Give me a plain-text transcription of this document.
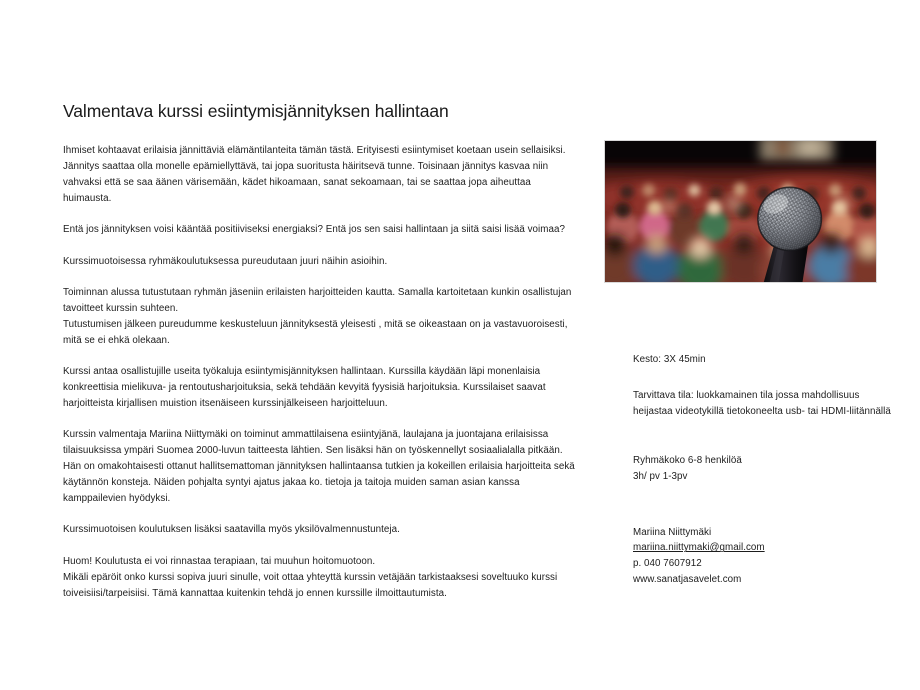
Valmentava kurssi esiintymisjännityksen hallintaan

Ihmiset kohtaavat erilaisia jännittäviä elämäntilanteita tämän tästä. Erityisesti esiintymiset koetaan usein sellaisiksi. Jännitys saattaa olla monelle epämiellyttävä, tai jopa suoritusta häiritsevä tunne. Toisinaan jännitys kasvaa niin vahvaksi että se saa äänen värisemään, kädet hikoamaan, sanat sekoamaan, tai se saattaa jopa aiheuttaa huimausta.

Entä jos jännityksen voisi kääntää positiiviseksi energiaksi? Entä jos sen saisi hallintaan ja siitä saisi lisää voimaa?

Kurssimuotoisessa ryhmäkoulutuksessa pureudutaan juuri näihin asioihin.

Toiminnan alussa tutustutaan ryhmän jäseniin erilaisten harjoitteiden kautta. Samalla kartoitetaan kunkin osallistujan tavoitteet kurssin suhteen.
Tutustumisen jälkeen pureudumme keskusteluun jännityksestä yleisesti , mitä se oikeastaan on ja vastavuoroisesti, mitä se ei ehkä olekaan.

Kurssi antaa osallistujille useita työkaluja esiintymisjännityksen hallintaan. Kurssilla käydään läpi monenlaisia konkreettisia mielikuva- ja rentoutusharjoituksia, sekä tehdään kevyitä fyysisiä harjoituksia. Kurssilaiset saavat harjoitteista kirjallisen muistion itsenäiseen kurssinjälkeiseen harjoitteluun.

Kurssin valmentaja Mariina Niittymäki on toiminut ammattilaisena esiintyjänä, laulajana ja juontajana erilaisissa tilaisuuksissa ympäri Suomea 2000-luvun taitteesta lähtien. Sen lisäksi hän on työskennellyt sosiaalialalla pitkään. Hän on omakohtaisesti ottanut hallitsemattoman jännityksen hallintaansa tutkien ja kokeillen erilaisia harjoitteita sekä käytännön konsteja. Näiden pohjalta syntyi ajatus jakaa ko. tietoja ja taitoja muiden saman asian kanssa kamppailevien hyödyksi.

Kurssimuotoisen koulutuksen lisäksi saatavilla myös yksilövalmennustunteja.

Huom! Koulutusta ei voi rinnastaa terapiaan, tai muuhun hoitomuotoon.
Mikäli epäröit onko kurssi sopiva juuri sinulle, voit ottaa yhteyttä kurssin vetäjään tarkistaaksesi soveltuuko kurssi toiveisiisi/tarpeisiisi. Tämä kannattaa kuitenkin tehdä jo ennen kurssille ilmoittautumista.

Kesto: 3X 45min

Tarvittava tila: luokkamainen tila jossa mahdollisuus heijastaa videotykillä tietokoneelta usb- tai HDMI-liitännällä

Ryhmäkoko 6-8 henkilöä
3h/ pv 1-3pv

Mariina Niittymäki
mariina.niittymaki@gmail.com
p. 040 7607912
www.sanatjasavelet.com
